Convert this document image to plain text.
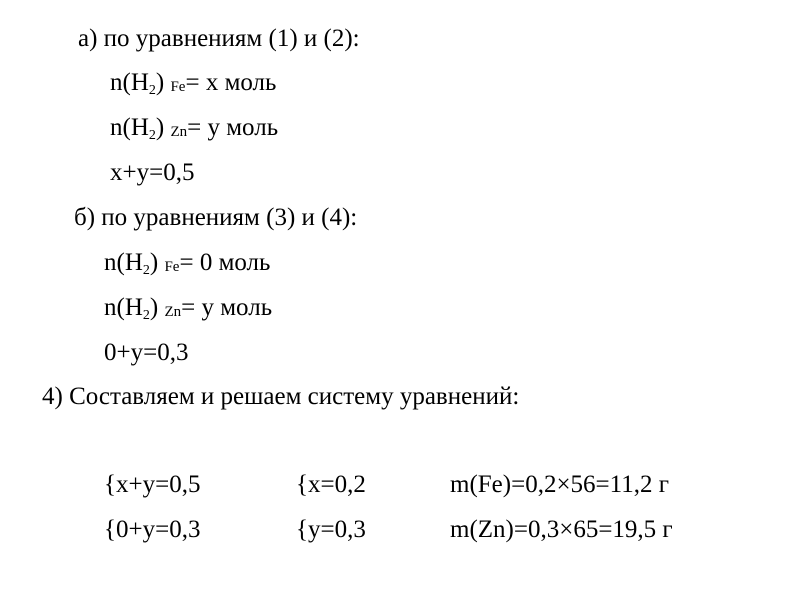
а) по уравнениям (1) и (2):
n(H2) Fe= x моль
n(H2) Zn= y моль
x+y=0,5
б) по уравнениям (3) и (4):
n(H2) Fe= 0 моль
n(H2) Zn= y моль
0+y=0,3
4) Составляем и решаем систему уравнений:
{x+y=0,5	{x=0,2	m(Fe)=0,2×56=11,2 г
{0+y=0,3	{y=0,3	m(Zn)=0,3×65=19,5 г
